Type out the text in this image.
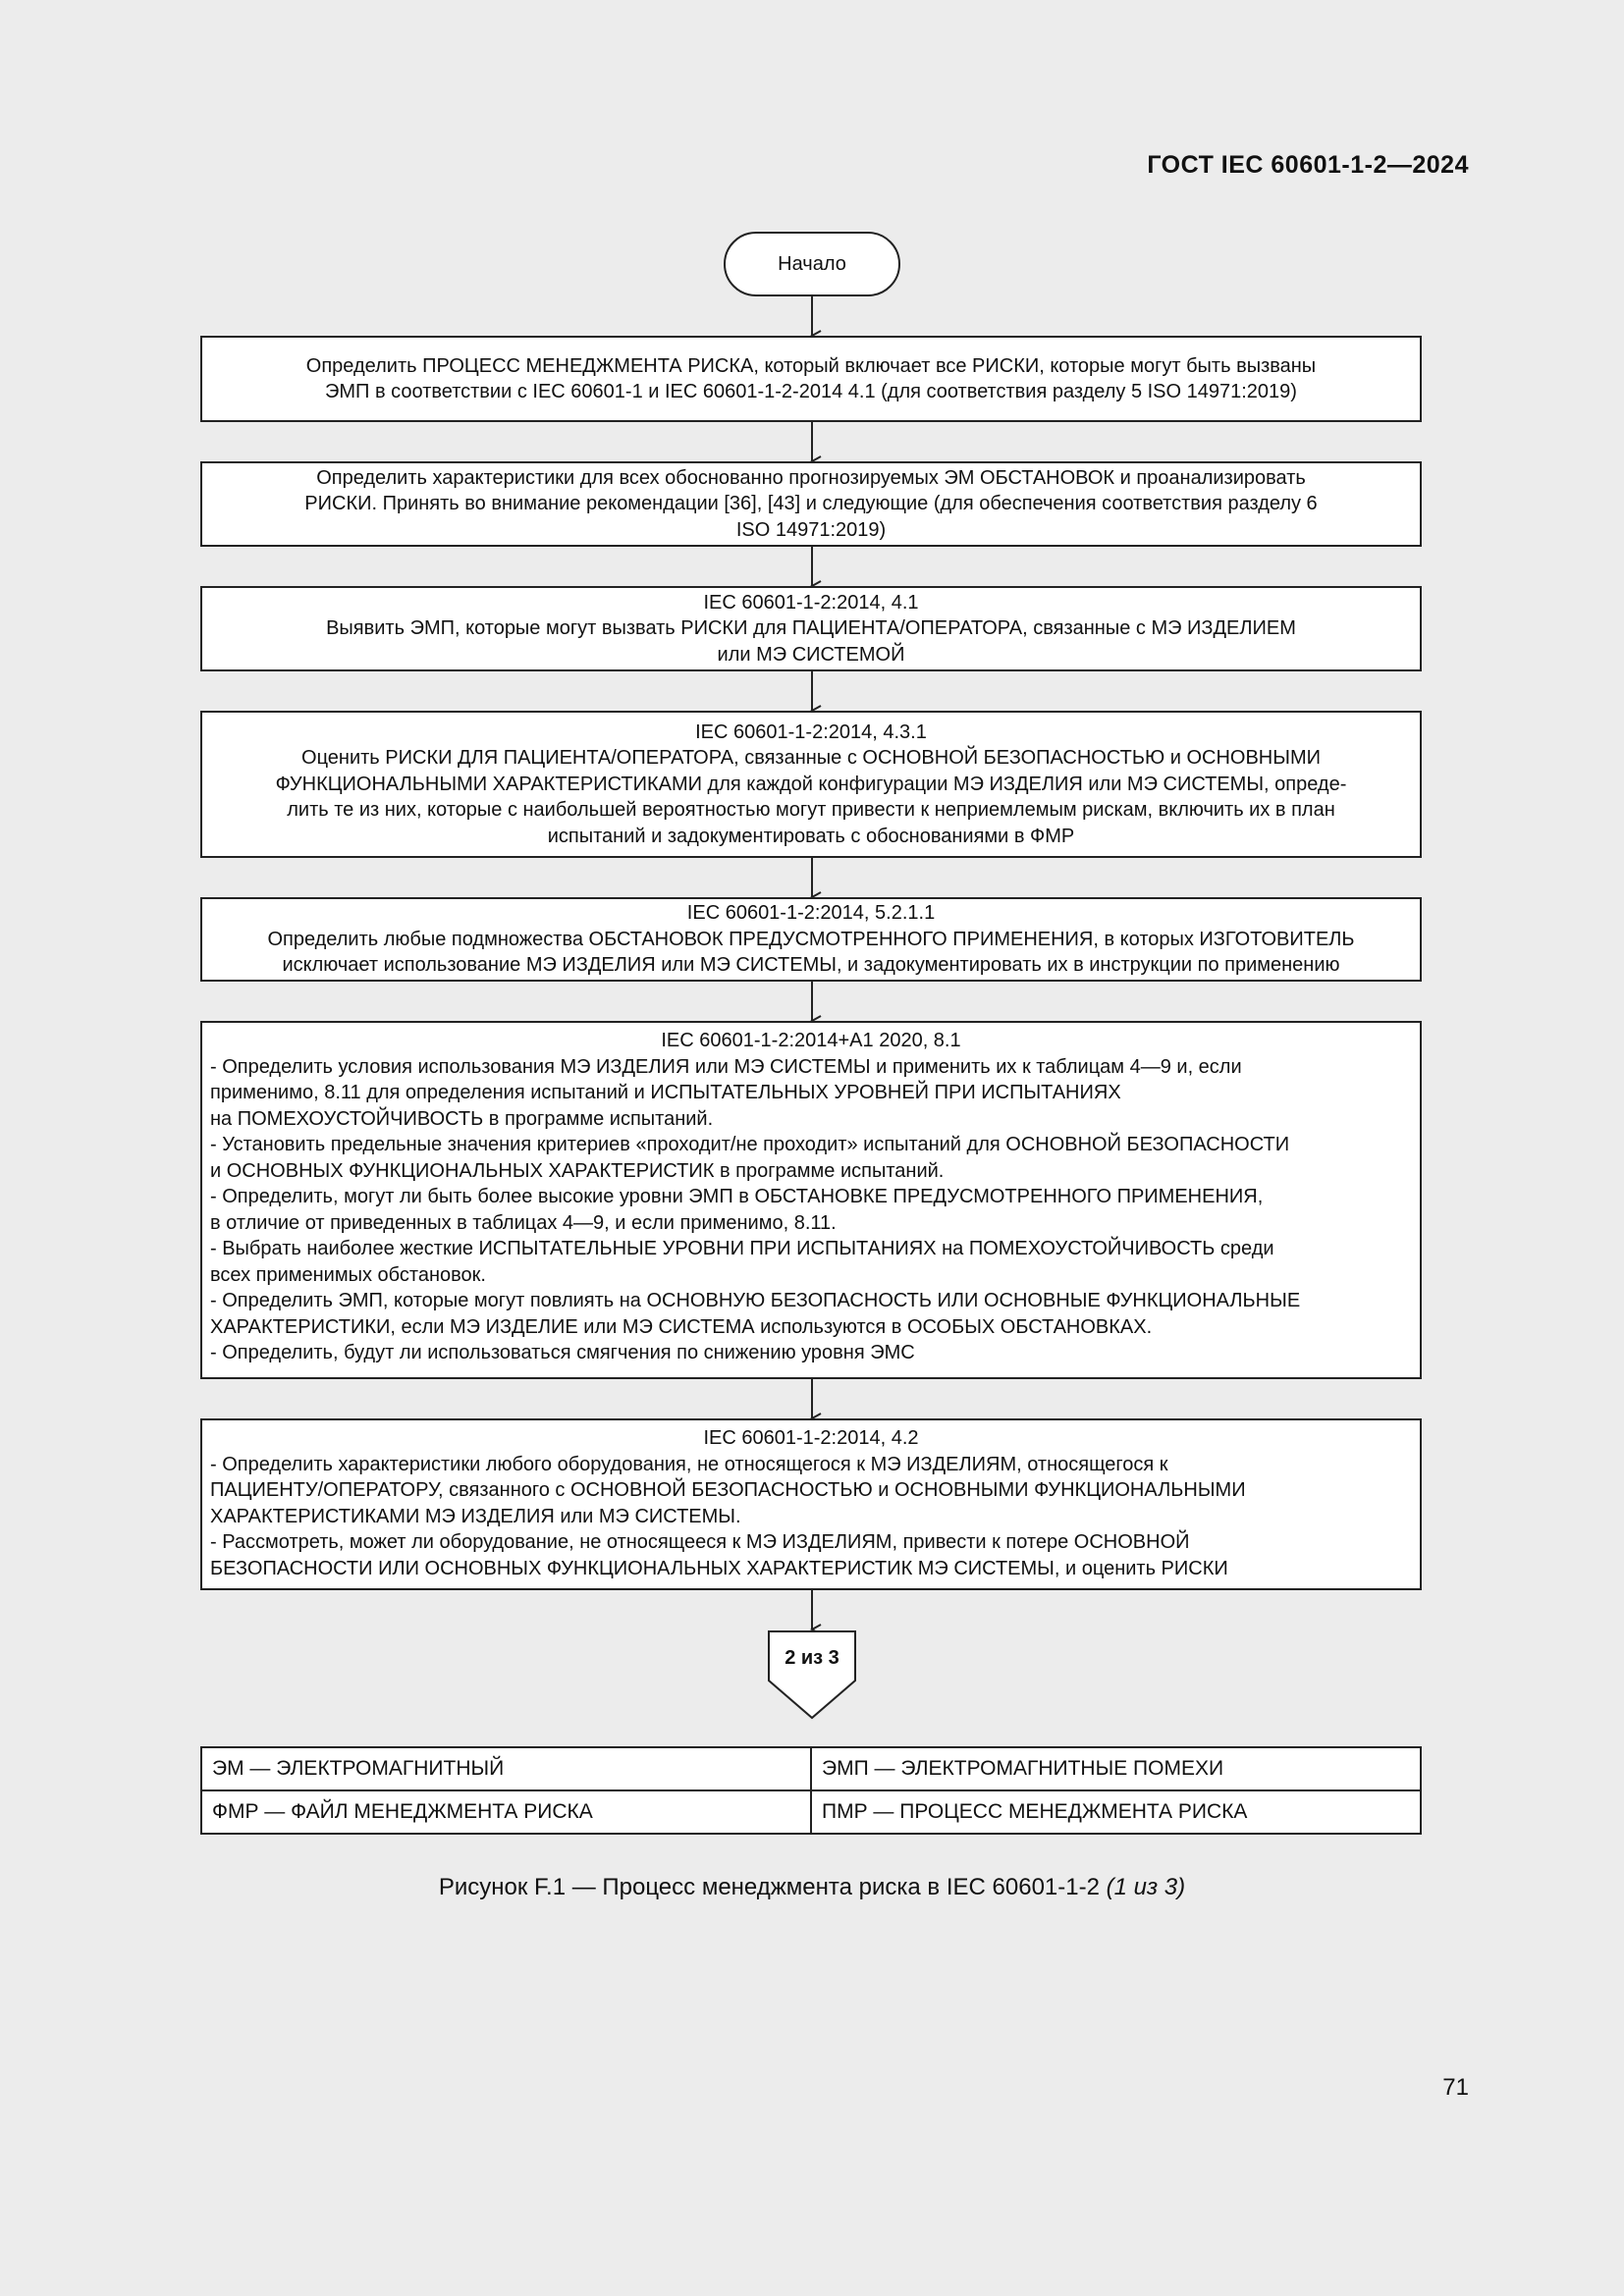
ГОСТ IEC 60601-1-2—2024
Начало
Определить ПРОЦЕСС МЕНЕДЖМЕНТА РИСКА, который включает все РИСКИ, которые могут быть вызваны
ЭМП в соответствии с IEC 60601-1 и IEC 60601-1-2-2014 4.1 (для соответствия разделу 5 ISO 14971:2019)
Определить характеристики для всех обоснованно прогнозируемых ЭМ ОБСТАНОВОК и проанализировать
РИСКИ. Принять во внимание рекомендации [36], [43] и следующие (для обеспечения соответствия разделу 6
ISO 14971:2019)
IEC 60601-1-2:2014, 4.1
Выявить ЭМП, которые могут вызвать РИСКИ для ПАЦИЕНТА/ОПЕРАТОРА, связанные с МЭ ИЗДЕЛИЕМ
или МЭ СИСТЕМОЙ
IEC 60601-1-2:2014, 4.3.1
Оценить РИСКИ ДЛЯ ПАЦИЕНТА/ОПЕРАТОРА, связанные с ОСНОВНОЙ БЕЗОПАСНОСТЬЮ и ОСНОВНЫМИ
ФУНКЦИОНАЛЬНЫМИ ХАРАКТЕРИСТИКАМИ для каждой конфигурации МЭ ИЗДЕЛИЯ или МЭ СИСТЕМЫ, опреде-
лить те из них, которые с наибольшей вероятностью могут привести к неприемлемым рискам, включить их в план
испытаний и задокументировать с обоснованиями в ФМР
IEC 60601-1-2:2014, 5.2.1.1
Определить любые подмножества ОБСТАНОВОК ПРЕДУСМОТРЕННОГО ПРИМЕНЕНИЯ, в которых ИЗГОТОВИТЕЛЬ
исключает использование МЭ ИЗДЕЛИЯ или МЭ СИСТЕМЫ, и задокументировать их в инструкции по применению
IEC 60601-1-2:2014+A1 2020, 8.1
- Определить условия использования МЭ ИЗДЕЛИЯ или МЭ СИСТЕМЫ и применить их к таблицам 4—9 и, если
применимо, 8.11 для определения испытаний и ИСПЫТАТЕЛЬНЫХ УРОВНЕЙ ПРИ ИСПЫТАНИЯХ
на ПОМЕХОУСТОЙЧИВОСТЬ в программе испытаний.
- Установить предельные значения критериев «проходит/не проходит» испытаний для ОСНОВНОЙ БЕЗОПАСНОСТИ
и ОСНОВНЫХ ФУНКЦИОНАЛЬНЫХ ХАРАКТЕРИСТИК в программе испытаний.
- Определить, могут ли быть более высокие уровни ЭМП в ОБСТАНОВКЕ ПРЕДУСМОТРЕННОГО ПРИМЕНЕНИЯ,
в отличие от приведенных в таблицах 4—9, и если применимо, 8.11.
- Выбрать наиболее жесткие ИСПЫТАТЕЛЬНЫЕ УРОВНИ ПРИ ИСПЫТАНИЯХ на ПОМЕХОУСТОЙЧИВОСТЬ среди
всех применимых обстановок.
- Определить ЭМП, которые могут повлиять на ОСНОВНУЮ БЕЗОПАСНОСТЬ ИЛИ ОСНОВНЫЕ ФУНКЦИОНАЛЬНЫЕ
ХАРАКТЕРИСТИКИ, если МЭ ИЗДЕЛИЕ или МЭ СИСТЕМА используются в ОСОБЫХ ОБСТАНОВКАХ.
- Определить, будут ли использоваться смягчения по снижению уровня ЭМС
IEC 60601-1-2:2014, 4.2
- Определить характеристики любого оборудования, не относящегося к МЭ ИЗДЕЛИЯМ, относящегося к
ПАЦИЕНТУ/ОПЕРАТОРУ, связанного с ОСНОВНОЙ БЕЗОПАСНОСТЬЮ и ОСНОВНЫМИ ФУНКЦИОНАЛЬНЫМИ
ХАРАКТЕРИСТИКАМИ МЭ ИЗДЕЛИЯ или МЭ СИСТЕМЫ.
- Рассмотреть, может ли оборудование, не относящееся к МЭ ИЗДЕЛИЯМ, привести к потере ОСНОВНОЙ
БЕЗОПАСНОСТИ ИЛИ ОСНОВНЫХ ФУНКЦИОНАЛЬНЫХ ХАРАКТЕРИСТИК МЭ СИСТЕМЫ, и оценить РИСКИ
2 из 3
ЭМ — ЭЛЕКТРОМАГНИТНЫЙ	ЭМП — ЭЛЕКТРОМАГНИТНЫЕ ПОМЕХИ
ФМР — ФАЙЛ МЕНЕДЖМЕНТА РИСКА	ПМР — ПРОЦЕСС МЕНЕДЖМЕНТА РИСКА
Рисунок F.1 — Процесс менеджмента риска в IEC 60601-1-2 (1 из 3)
71
